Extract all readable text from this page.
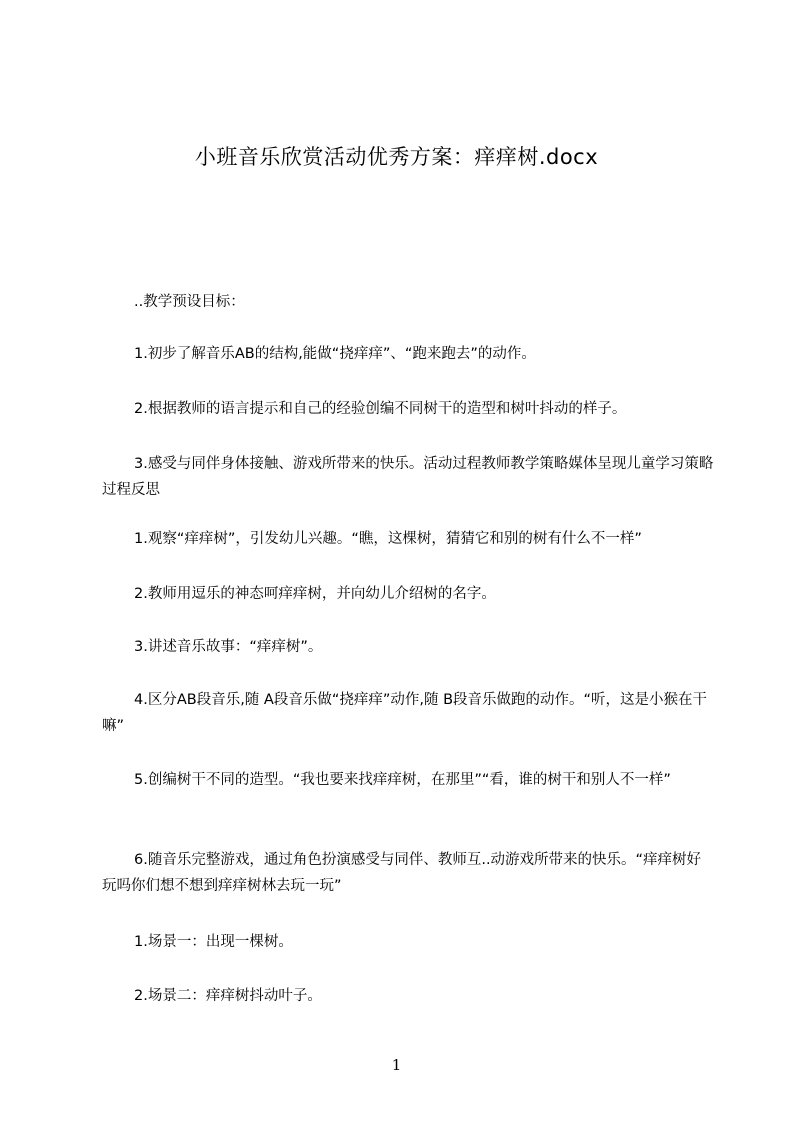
小班音乐欣赏活动优秀方案：痒痒树.docx
..教学预设目标：
1.初步了解音乐AB的结构,能做“挠痒痒”、“跑来跑去”的动作。
2.根据教师的语言提示和自己的经验创编不同树干的造型和树叶抖动的样子。
3.感受与同伴身体接触、游戏所带来的快乐。活动过程教师教学策略媒体呈现儿童学习策略过程反思
1.观察“痒痒树”，引发幼儿兴趣。“瞧，这棵树，猜猜它和别的树有什么不一样”
2.教师用逗乐的神态呵痒痒树，并向幼儿介绍树的名字。
3.讲述音乐故事：“痒痒树”。
4.区分AB段音乐,随 A段音乐做“挠痒痒”动作,随 B段音乐做跑的动作。“听，这是小猴在干嘛”
5.创编树干不同的造型。“我也要来找痒痒树，在那里”“看，谁的树干和别人不一样”
6.随音乐完整游戏，通过角色扮演感受与同伴、教师互..动游戏所带来的快乐。“痒痒树好玩吗你们想不想到痒痒树林去玩一玩”
1.场景一：出现一棵树。
2.场景二：痒痒树抖动叶子。
1
